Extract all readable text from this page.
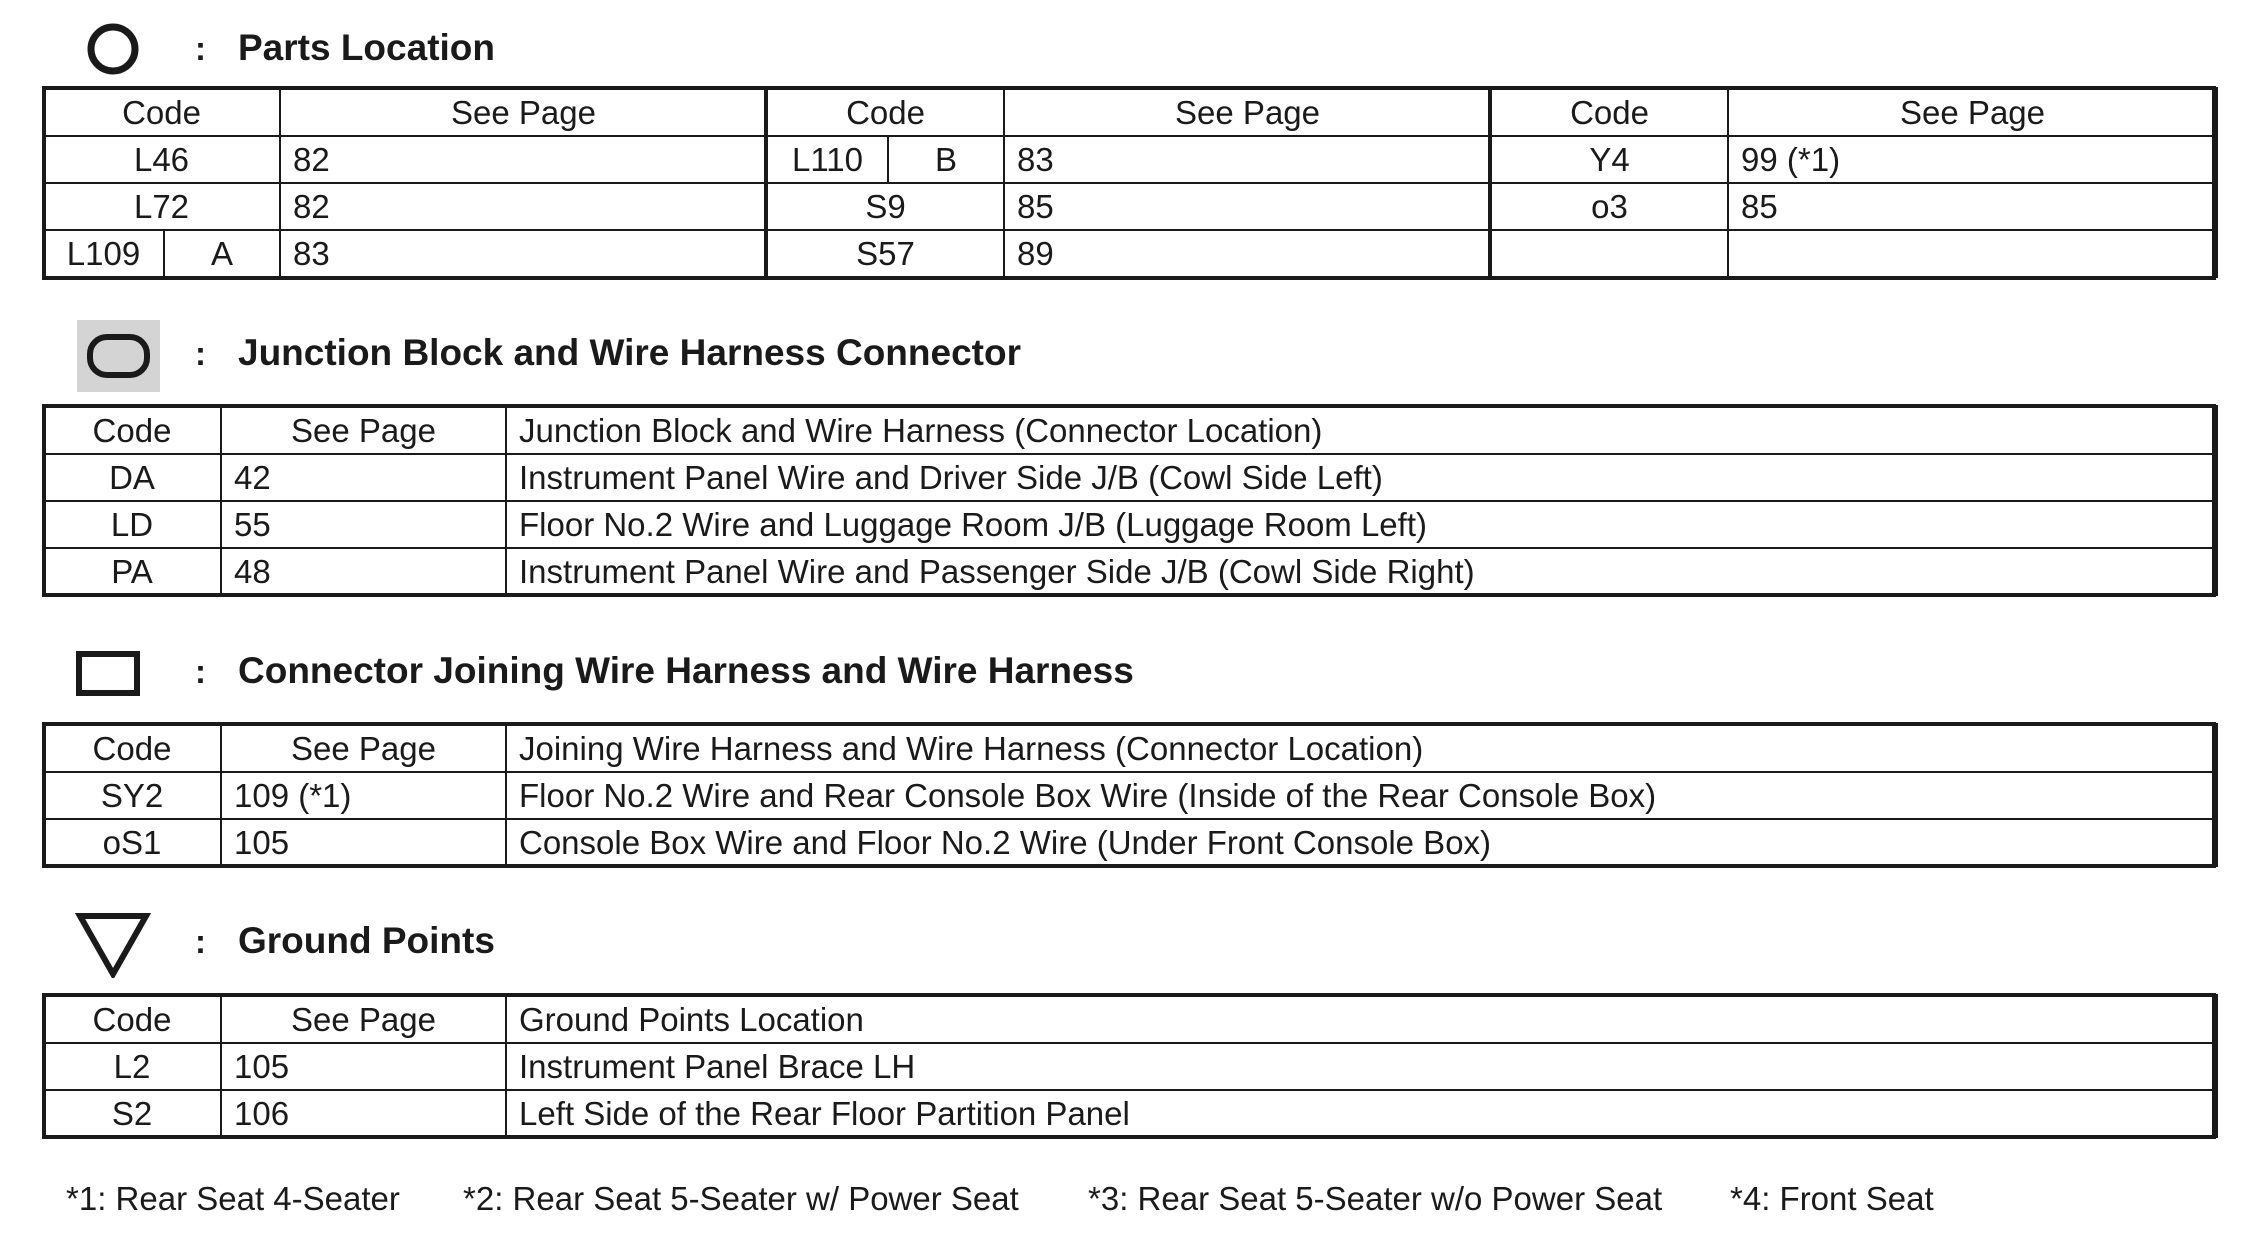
: Parts Location
Code		See Page	Code		See Page	Code	See Page
L46		82	L110	B	83	Y4	99 (*1)
L72		82	S9		85	o3	85
L109	A	83	S57		89		
: Junction Block and Wire Harness Connector
Code	See Page	Junction Block and Wire Harness (Connector Location)
DA	42	Instrument Panel Wire and Driver Side J/B (Cowl Side Left)
LD	55	Floor No.2 Wire and Luggage Room J/B (Luggage Room Left)
PA	48	Instrument Panel Wire and Passenger Side J/B (Cowl Side Right)
: Connector Joining Wire Harness and Wire Harness
Code	See Page	Joining Wire Harness and Wire Harness (Connector Location)
SY2	109 (*1)	Floor No.2 Wire and Rear Console Box Wire (Inside of the Rear Console Box)
oS1	105	Console Box Wire and Floor No.2 Wire (Under Front Console Box)
: Ground Points
Code	See Page	Ground Points Location
L2	105	Instrument Panel Brace LH
S2	106	Left Side of the Rear Floor Partition Panel
*1: Rear Seat 4-Seater *2: Rear Seat 5-Seater w/ Power Seat *3: Rear Seat 5-Seater w/o Power Seat *4: Front Seat
